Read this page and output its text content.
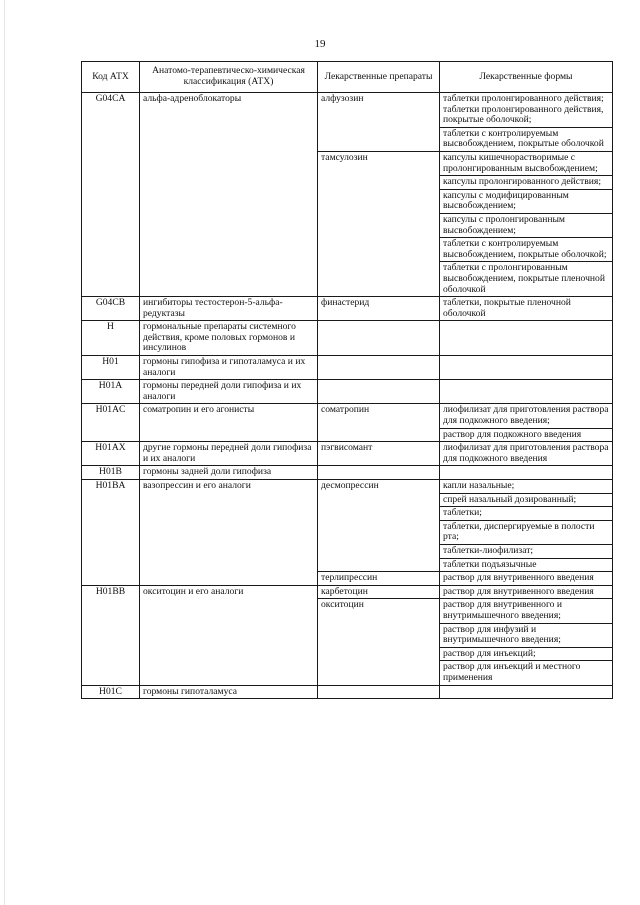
19
Код АТХ	Анатомо-терапевтическо-химическая классификация (АТХ)	Лекарственные препараты	Лекарственные формы
G04CA	альфа-адреноблокаторы	алфузозин	таблетки пролонгированного действия; таблетки пролонгированного действия, покрытые оболочкой;
			таблетки с контролируемым высвобождением, покрытые оболочкой
		тамсулозин	капсулы кишечнорастворимые с пролонгированным высвобождением;
			капсулы пролонгированного действия;
			капсулы с модифицированным высвобождением;
			капсулы с пролонгированным высвобождением;
			таблетки с контролируемым высвобождением, покрытые оболочкой;
			таблетки с пролонгированным высвобождением, покрытые пленочной оболочкой
G04CB	ингибиторы тестостерон-5-альфа-редуктазы	финастерид	таблетки, покрытые пленочной оболочкой
H	гормональные препараты системного действия, кроме половых гормонов и инсулинов		
H01	гормоны гипофиза и гипоталамуса и их аналоги		
H01A	гормоны передней доли гипофиза и их аналоги		
H01AC	соматропин и его агонисты	соматропин	лиофилизат для приготовления раствора для подкожного введения;
			раствор для подкожного введения
H01AX	другие гормоны передней доли гипофиза и их аналоги	пэгвисомант	лиофилизат для приготовления раствора для подкожного введения
H01B	гормоны задней доли гипофиза		
H01BA	вазопрессин и его аналоги	десмопрессин	капли назальные;
			спрей назальный дозированный;
			таблетки;
			таблетки, диспергируемые в полости рта;
			таблетки-лиофилизат;
			таблетки подъязычные
		терлипрессин	раствор для внутривенного введения
H01BB	окситоцин и его аналоги	карбетоцин	раствор для внутривенного введения
		окситоцин	раствор для внутривенного и внутримышечного введения;
			раствор для инфузий и внутримышечного введения;
			раствор для инъекций;
			раствор для инъекций и местного применения
H01C	гормоны гипоталамуса		
